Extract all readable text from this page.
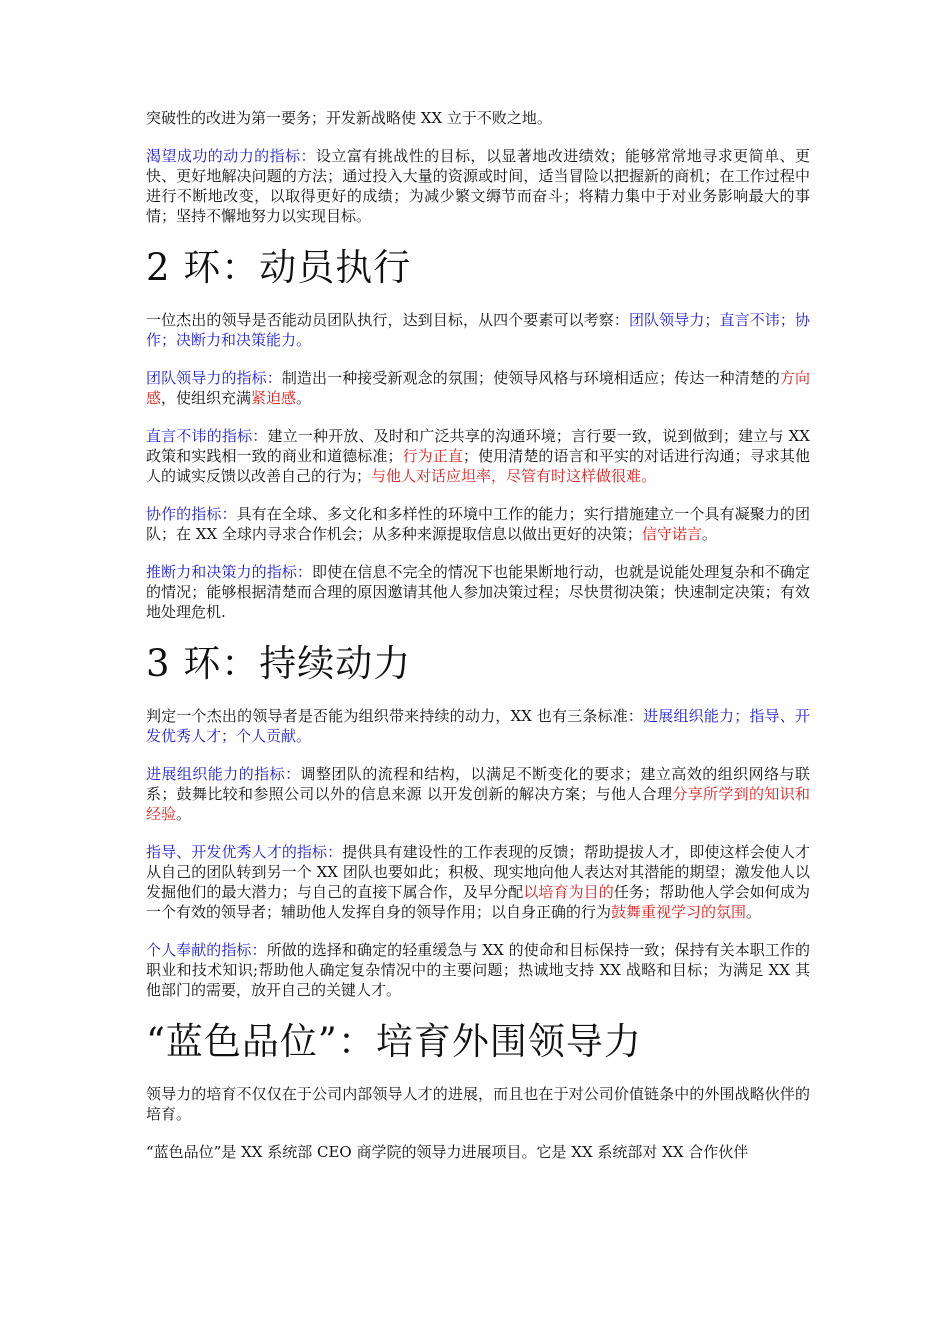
突破性的改进为第一要务；开发新战略使 XX 立于不败之地。

渴望成功的动力的指标：设立富有挑战性的目标，以显著地改进绩效；能够常常地寻求更简单、更快、更好地解决问题的方法；通过投入大量的资源或时间，适当冒险以把握新的商机；在工作过程中进行不断地改变，以取得更好的成绩；为减少繁文缛节而奋斗；将精力集中于对业务影响最大的事情；坚持不懈地努力以实现目标。

2 环：动员执行

一位杰出的领导是否能动员团队执行，达到目标，从四个要素可以考察：团队领导力；直言不讳；协作；决断力和决策能力。

团队领导力的指标：制造出一种接受新观念的氛围；使领导风格与环境相适应；传达一种清楚的方向感，使组织充满紧迫感。

直言不讳的指标：建立一种开放、及时和广泛共享的沟通环境；言行要一致，说到做到；建立与 XX 政策和实践相一致的商业和道德标准；行为正直；使用清楚的语言和平实的对话进行沟通；寻求其他人的诚实反馈以改善自己的行为；与他人对话应坦率，尽管有时这样做很难。

协作的指标：具有在全球、多文化和多样性的环境中工作的能力；实行措施建立一个具有凝聚力的团队；在 XX 全球内寻求合作机会；从多种来源提取信息以做出更好的决策；信守诺言。

推断力和决策力的指标：即使在信息不完全的情况下也能果断地行动，也就是说能处理复杂和不确定的情况；能够根据清楚而合理的原因邀请其他人参加决策过程；尽快贯彻决策；快速制定决策；有效地处理危机.

3 环：持续动力

判定一个杰出的领导者是否能为组织带来持续的动力，XX 也有三条标准：进展组织能力；指导、开发优秀人才；个人贡献。

进展组织能力的指标：调整团队的流程和结构，以满足不断变化的要求；建立高效的组织网络与联系；鼓舞比较和参照公司以外的信息来源 以开发创新的解决方案；与他人合理分享所学到的知识和经验。

指导、开发优秀人才的指标：提供具有建设性的工作表现的反馈；帮助提拔人才，即使这样会使人才从自己的团队转到另一个 XX 团队也要如此；积极、现实地向他人表达对其潜能的期望；激发他人以发掘他们的最大潜力；与自己的直接下属合作，及早分配以培育为目的任务；帮助他人学会如何成为一个有效的领导者；辅助他人发挥自身的领导作用；以自身正确的行为鼓舞重视学习的氛围。

个人奉献的指标：所做的选择和确定的轻重缓急与 XX 的使命和目标保持一致；保持有关本职工作的职业和技术知识;帮助他人确定复杂情况中的主要问题；热诚地支持 XX 战略和目标；为满足 XX 其他部门的需要，放开自己的关键人才。

“蓝色品位”：培育外围领导力

领导力的培育不仅仅在于公司内部领导人才的进展，而且也在于对公司价值链条中的外围战略伙伴的培育。

“蓝色品位”是 XX 系统部 CEO 商学院的领导力进展项目。它是 XX 系统部对 XX 合作伙伴
